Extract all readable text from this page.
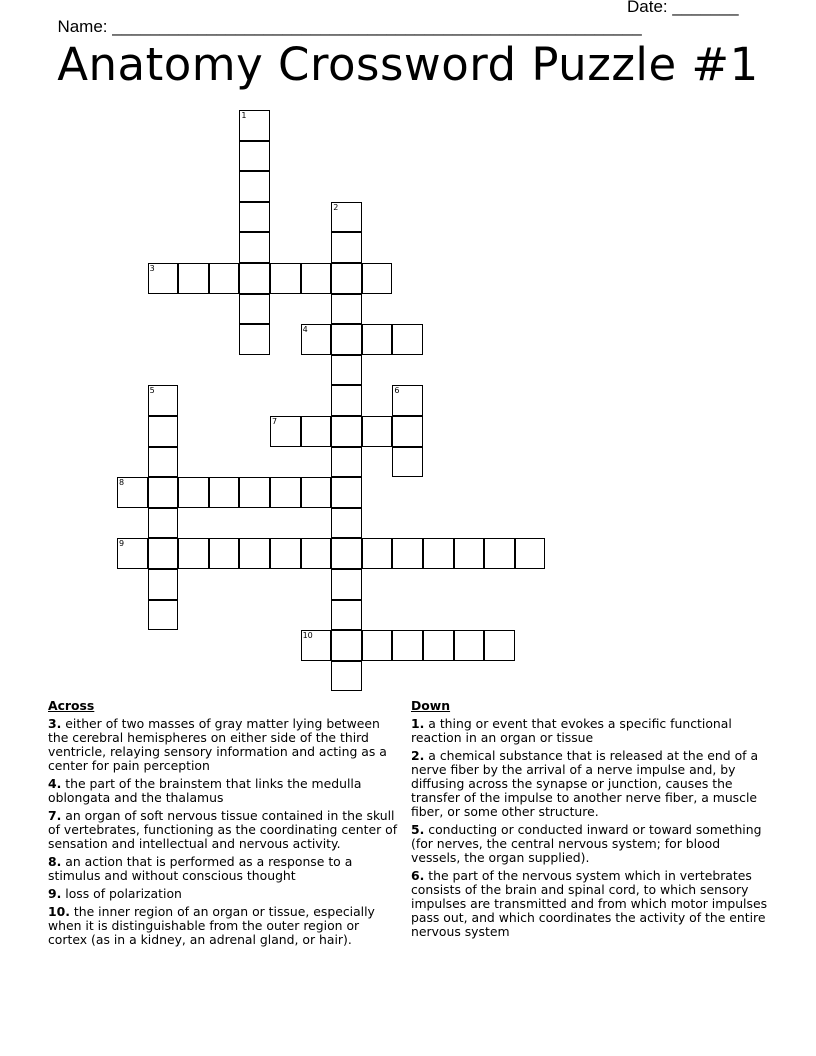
Name: ________________________________________________________

Date: _______

Anatomy Crossword Puzzle #1
1
2
3
4
5	6
7
8
9
10
Across
3. either of two masses of gray matter lying between the cerebral hemispheres on either side of the third ventricle, relaying sensory information and acting as a center for pain perception
4. the part of the brainstem that links the medulla oblongata and the thalamus
7. an organ of soft nervous tissue contained in the skull of vertebrates, functioning as the coordinating center of sensation and intellectual and nervous activity.
8. an action that is performed as a response to a stimulus and without conscious thought
9. loss of polarization
10. the inner region of an organ or tissue, especially when it is distinguishable from the outer region or cortex (as in a kidney, an adrenal gland, or hair).
Down
1. a thing or event that evokes a specific functional reaction in an organ or tissue
2. a chemical substance that is released at the end of a nerve fiber by the arrival of a nerve impulse and, by diffusing across the synapse or junction, causes the transfer of the impulse to another nerve fiber, a muscle fiber, or some other structure.
5. conducting or conducted inward or toward something (for nerves, the central nervous system; for blood vessels, the organ supplied).
6. the part of the nervous system which in vertebrates consists of the brain and spinal cord, to which sensory impulses are transmitted and from which motor impulses pass out, and which coordinates the activity of the entire nervous system
